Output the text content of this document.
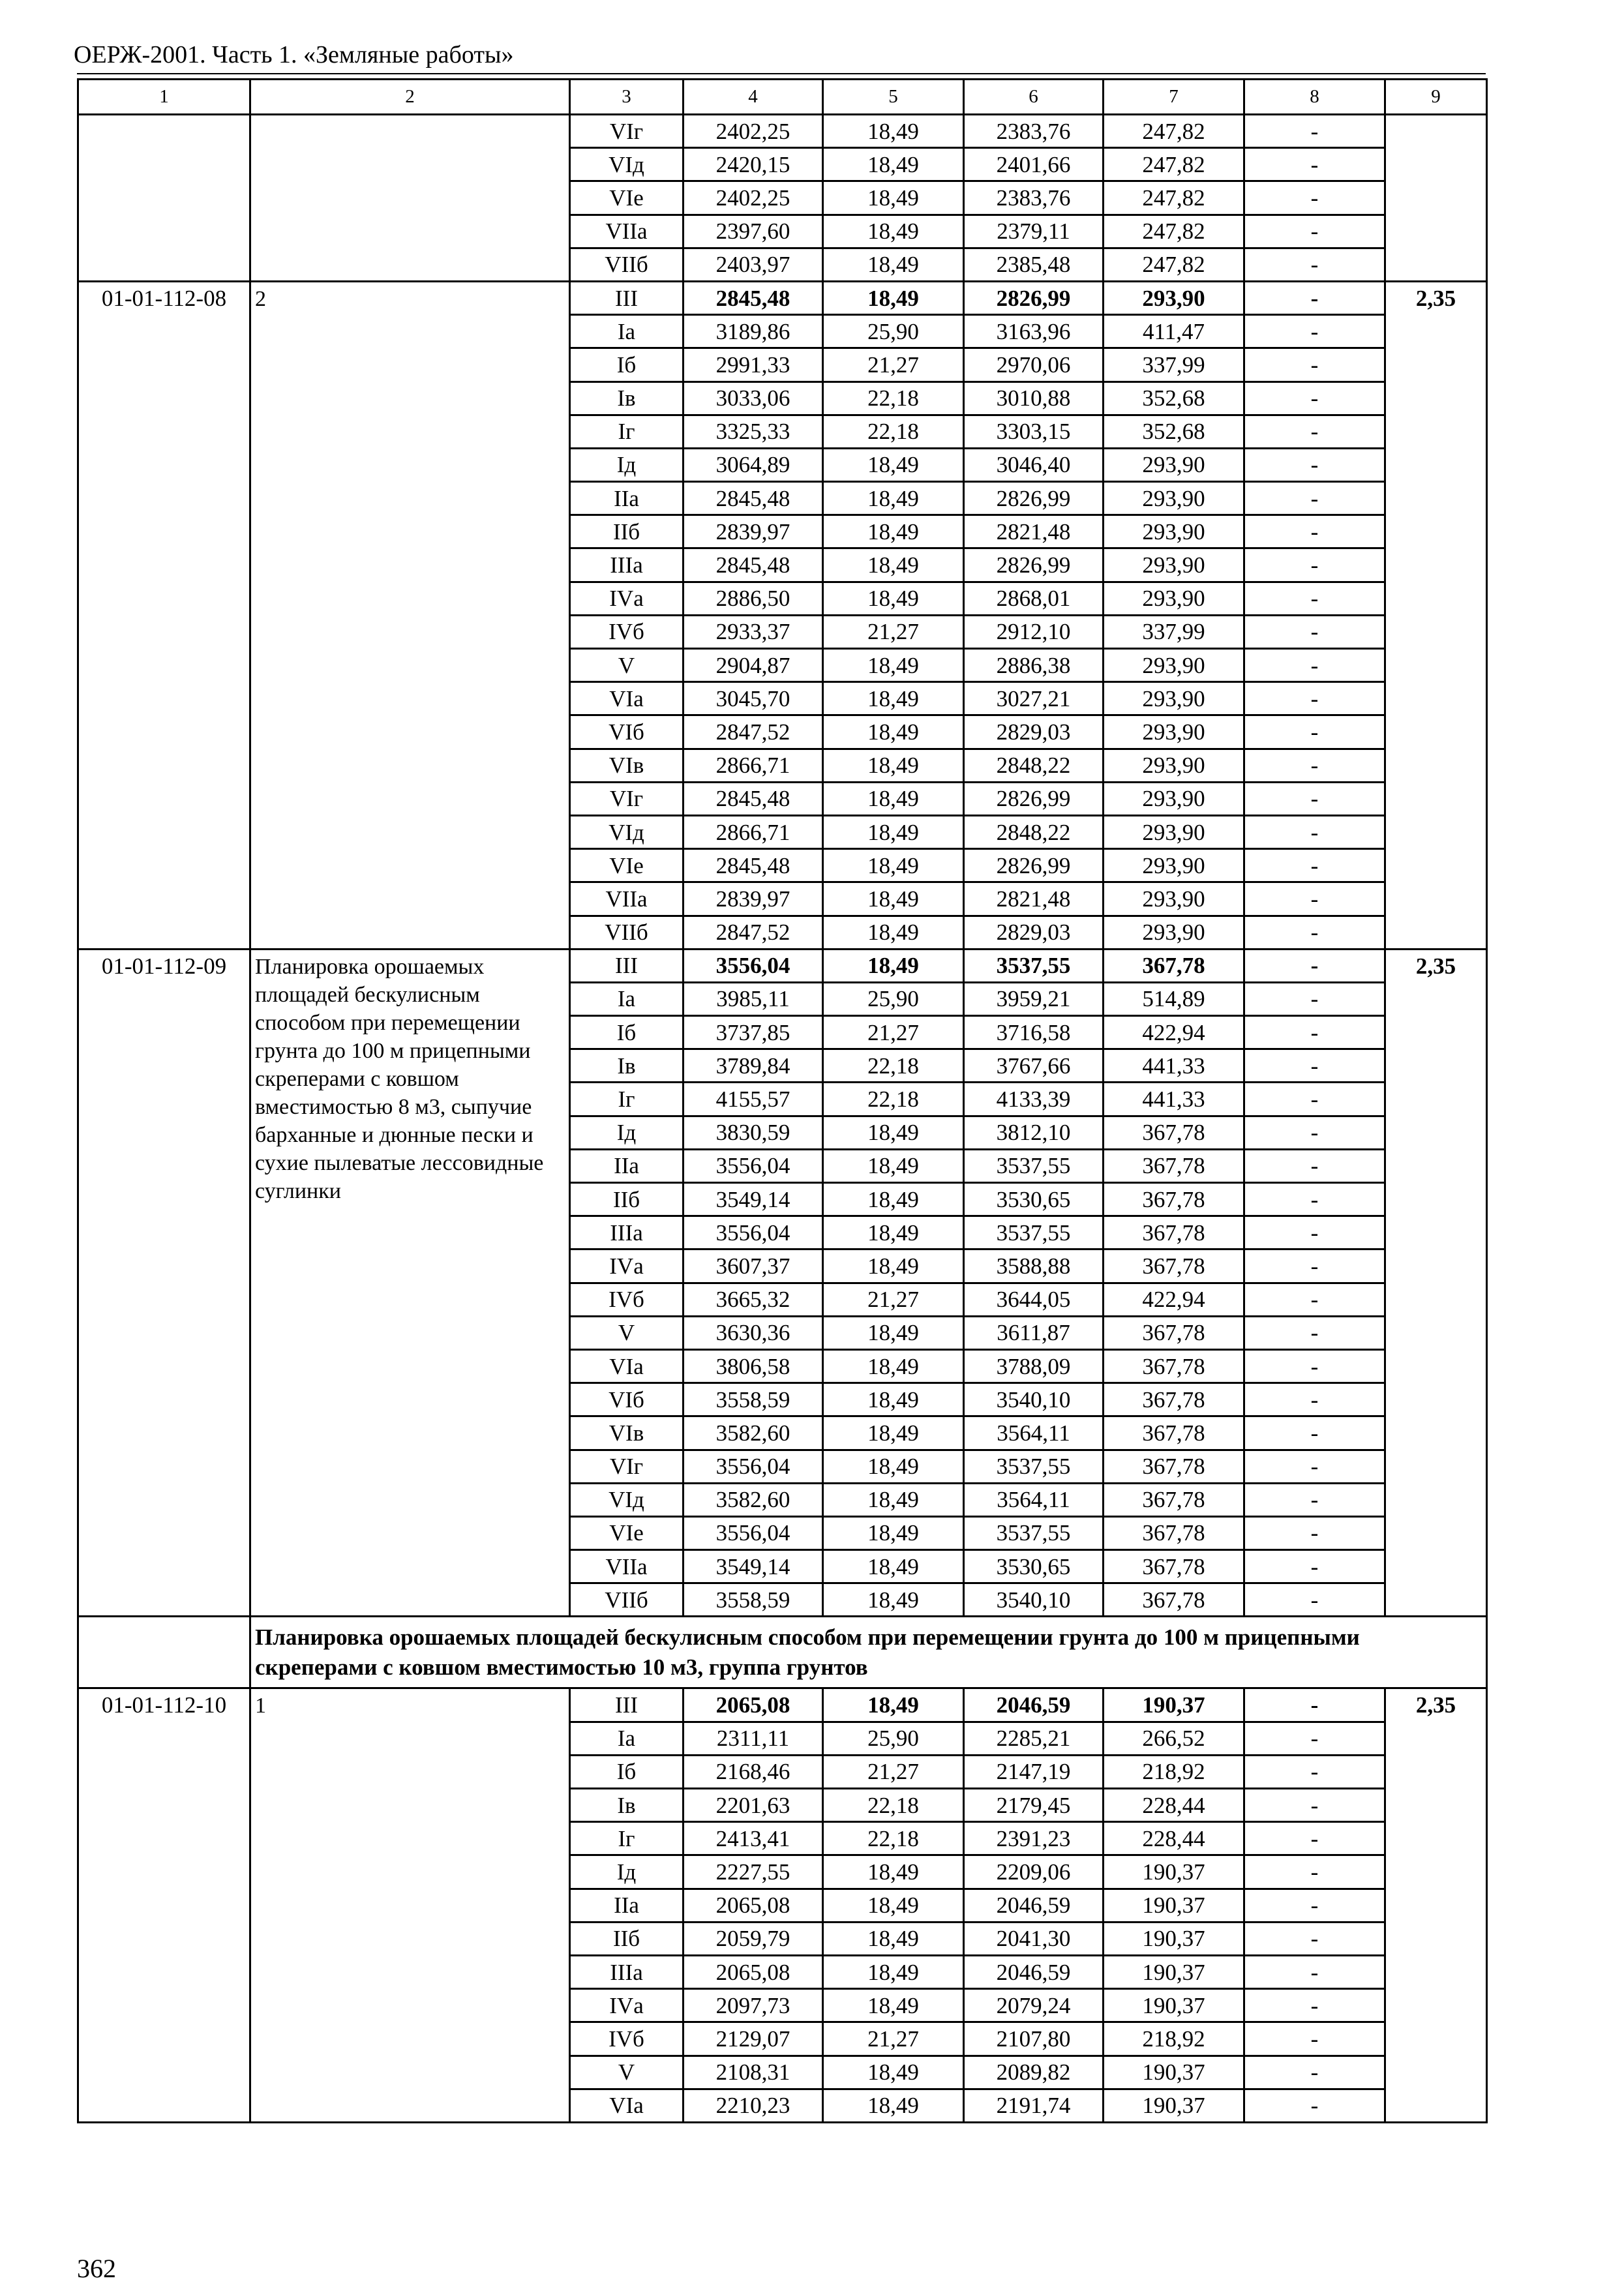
ОЕРЖ-2001. Часть 1. «Земляные работы»
1	2	3	4	5	6	7	8	9
		VIг	2402,25	18,49	2383,76	247,82	-	
		VIд	2420,15	18,49	2401,66	247,82	-	
		VIе	2402,25	18,49	2383,76	247,82	-	
		VIIа	2397,60	18,49	2379,11	247,82	-	
		VIIб	2403,97	18,49	2385,48	247,82	-	
01-01-112-08	2	III	2845,48	18,49	2826,99	293,90	-	2,35
		Iа	3189,86	25,90	3163,96	411,47	-	
		Iб	2991,33	21,27	2970,06	337,99	-	
		Iв	3033,06	22,18	3010,88	352,68	-	
		Iг	3325,33	22,18	3303,15	352,68	-	
		Iд	3064,89	18,49	3046,40	293,90	-	
		IIа	2845,48	18,49	2826,99	293,90	-	
		IIб	2839,97	18,49	2821,48	293,90	-	
		IIIа	2845,48	18,49	2826,99	293,90	-	
		IVа	2886,50	18,49	2868,01	293,90	-	
		IVб	2933,37	21,27	2912,10	337,99	-	
		V	2904,87	18,49	2886,38	293,90	-	
		VIа	3045,70	18,49	3027,21	293,90	-	
		VIб	2847,52	18,49	2829,03	293,90	-	
		VIв	2866,71	18,49	2848,22	293,90	-	
		VIг	2845,48	18,49	2826,99	293,90	-	
		VIд	2866,71	18,49	2848,22	293,90	-	
		VIе	2845,48	18,49	2826,99	293,90	-	
		VIIа	2839,97	18,49	2821,48	293,90	-	
		VIIб	2847,52	18,49	2829,03	293,90	-	
01-01-112-09	Планировка орошаемых площадей бескулисным способом при перемещении грунта до 100 м прицепными скреперами с ковшом вместимостью 8 м3, сыпучие барханные и дюнные пески и сухие пылеватые лессовидные суглинки	III	3556,04	18,49	3537,55	367,78	-	2,35
		Iа	3985,11	25,90	3959,21	514,89	-	
		Iб	3737,85	21,27	3716,58	422,94	-	
		Iв	3789,84	22,18	3767,66	441,33	-	
		Iг	4155,57	22,18	4133,39	441,33	-	
		Iд	3830,59	18,49	3812,10	367,78	-	
		IIа	3556,04	18,49	3537,55	367,78	-	
		IIб	3549,14	18,49	3530,65	367,78	-	
		IIIа	3556,04	18,49	3537,55	367,78	-	
		IVа	3607,37	18,49	3588,88	367,78	-	
		IVб	3665,32	21,27	3644,05	422,94	-	
		V	3630,36	18,49	3611,87	367,78	-	
		VIа	3806,58	18,49	3788,09	367,78	-	
		VIб	3558,59	18,49	3540,10	367,78	-	
		VIв	3582,60	18,49	3564,11	367,78	-	
		VIг	3556,04	18,49	3537,55	367,78	-	
		VIд	3582,60	18,49	3564,11	367,78	-	
		VIе	3556,04	18,49	3537,55	367,78	-	
		VIIа	3549,14	18,49	3530,65	367,78	-	
		VIIб	3558,59	18,49	3540,10	367,78	-	
	Планировка орошаемых площадей бескулисным способом при перемещении грунта до 100 м прицепными скреперами с ковшом вместимостью 10 м3, группа грунтов							
01-01-112-10	1	III	2065,08	18,49	2046,59	190,37	-	2,35
		Iа	2311,11	25,90	2285,21	266,52	-	
		Iб	2168,46	21,27	2147,19	218,92	-	
		Iв	2201,63	22,18	2179,45	228,44	-	
		Iг	2413,41	22,18	2391,23	228,44	-	
		Iд	2227,55	18,49	2209,06	190,37	-	
		IIа	2065,08	18,49	2046,59	190,37	-	
		IIб	2059,79	18,49	2041,30	190,37	-	
		IIIа	2065,08	18,49	2046,59	190,37	-	
		IVа	2097,73	18,49	2079,24	190,37	-	
		IVб	2129,07	21,27	2107,80	218,92	-	
		V	2108,31	18,49	2089,82	190,37	-	
		VIа	2210,23	18,49	2191,74	190,37	-	
362
